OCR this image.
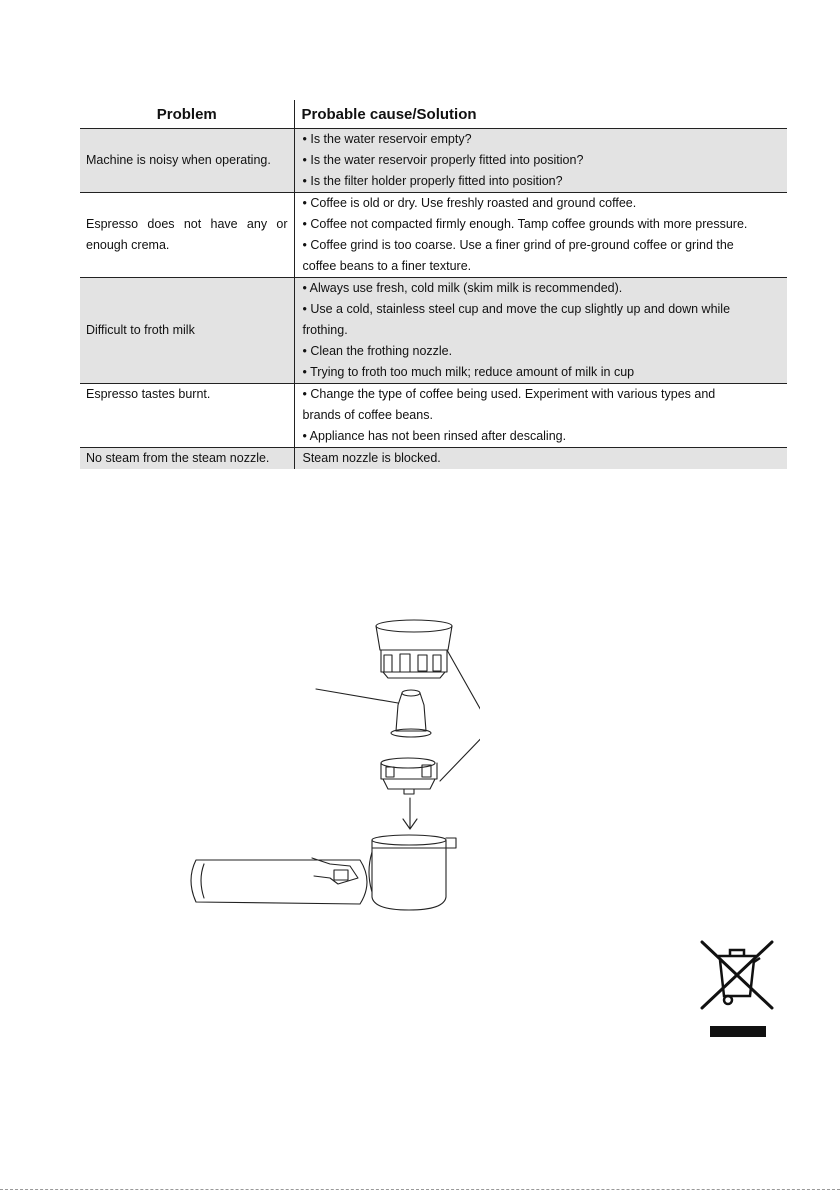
Problem	Probable cause/Solution
Machine is noisy when operating.	• Is the water reservoir empty?
• Is the water reservoir properly fitted into position?
• Is the filter holder properly fitted into position?

Espresso does not have any or enough crema.	• Coffee is old or dry. Use freshly roasted and ground coffee.
• Coffee not compacted firmly enough. Tamp coffee grounds with more pressure.
• Coffee grind is too coarse. Use a finer grind of pre-ground coffee or grind the
coffee beans to a finer texture.

Difficult to froth milk	• Always use fresh, cold milk (skim milk is recommended).
• Use a cold, stainless steel cup and move the cup slightly up and down while
frothing.
• Clean the frothing nozzle.
• Trying to froth too much milk; reduce amount of milk in cup

Espresso tastes burnt.	• Change the type of coffee being used. Experiment with various types and
brands of coffee beans.
• Appliance has not been rinsed after descaling.

No steam from the steam nozzle.	Steam nozzle is blocked.
